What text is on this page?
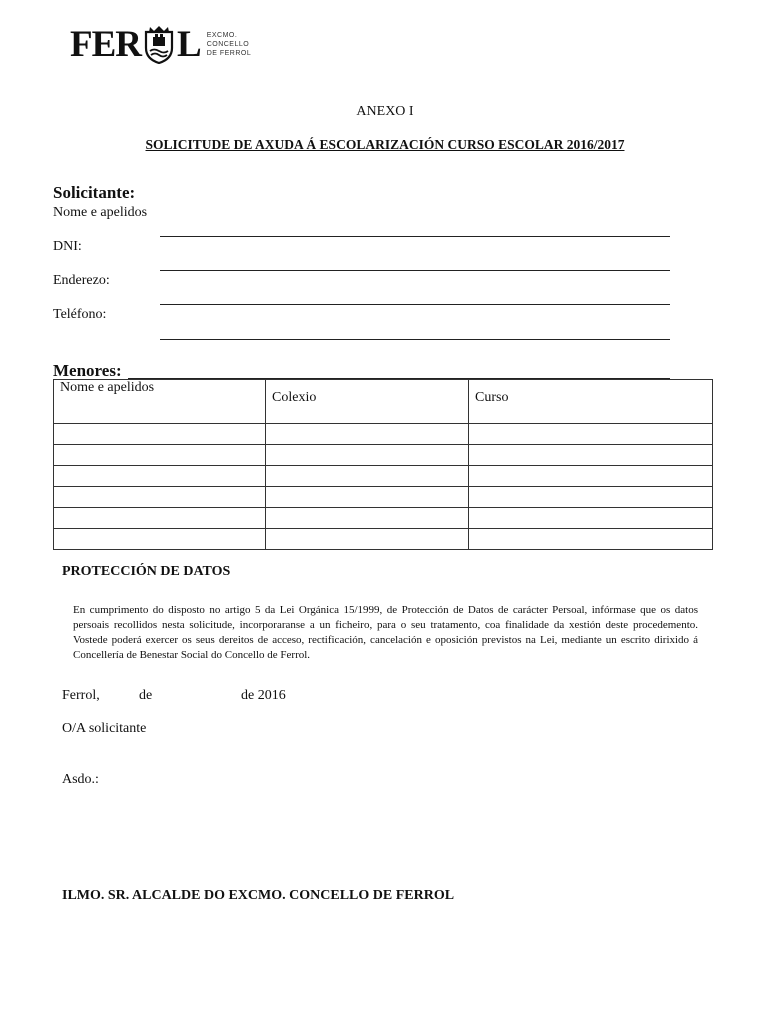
FER L EXCMO.
CONCELLO
DE FERROL
ANEXO I
SOLICITUDE DE AXUDA Á ESCOLARIZACIÓN CURSO ESCOLAR 2016/2017
Solicitante:
Nome e apelidos
DNI:
Enderezo:
Teléfono:
Menores:
Nome e apelidos	Colexio	Curso

PROTECCIÓN DE DATOS
En cumprimento do disposto no artigo 5 da Lei Orgánica 15/1999, de Protección de Datos de carácter Persoal, infórmase que os datos persoais recollidos nesta solicitude, incorporaranse a un ficheiro, para o seu tratamento, coa finalidade da xestión deste procedemento. Vostede poderá exercer os seus dereitos de acceso, rectificación, cancelación e oposición previstos na Lei, mediante un escrito dirixido á Concellería de Benestar Social do Concello de Ferrol.
Ferrol,	de	de 2016
O/A solicitante
Asdo.:
ILMO. SR. ALCALDE DO EXCMO. CONCELLO DE FERROL
